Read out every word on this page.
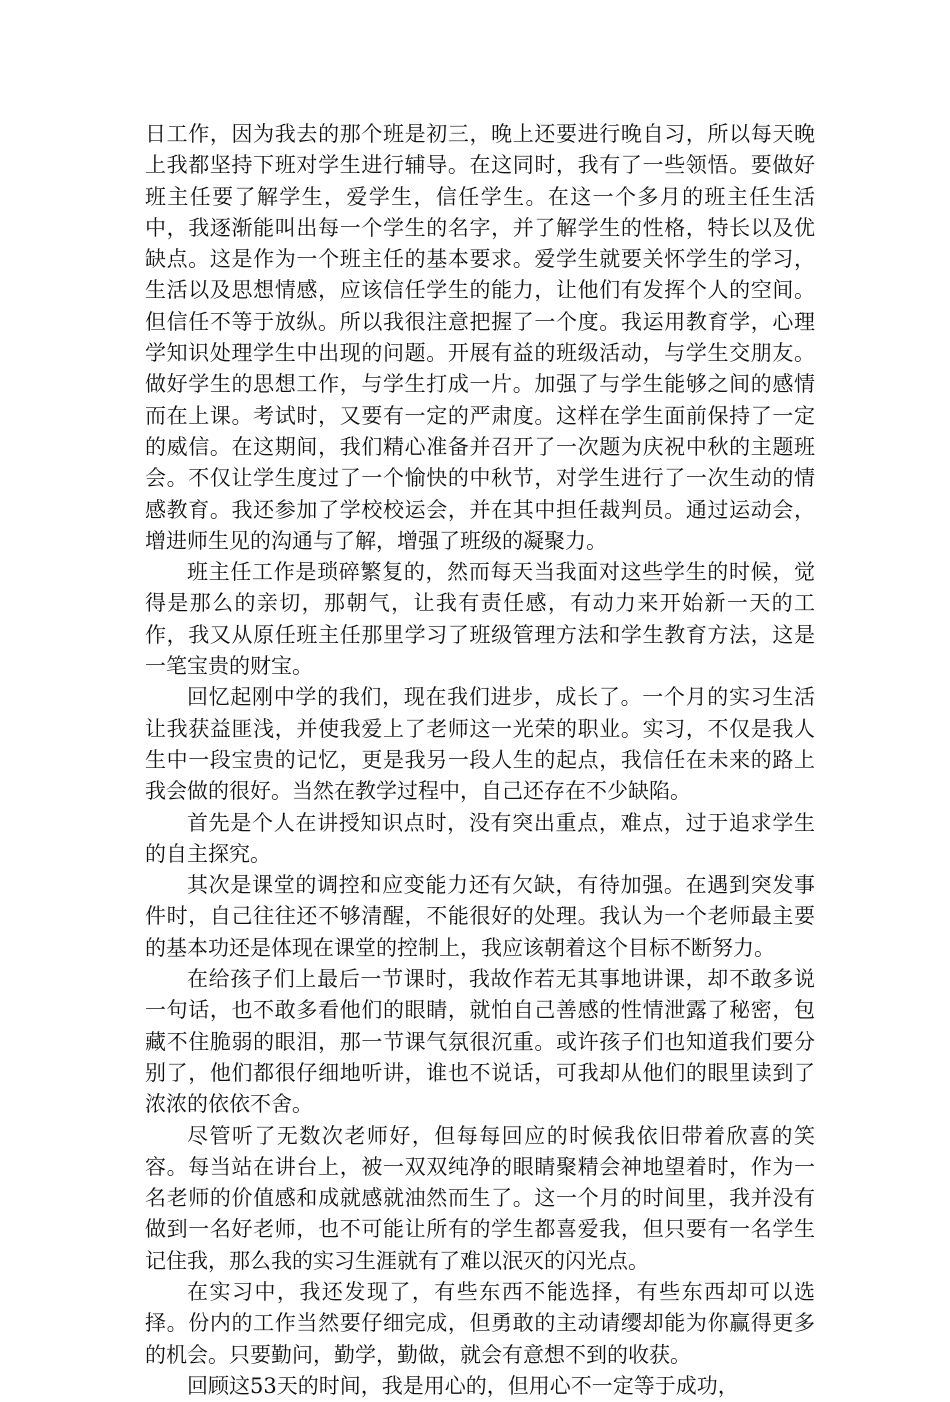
日工作，因为我去的那个班是初三，晚上还要进行晚自习，所以每天晚上我都坚持下班对学生进行辅导。在这同时，我有了一些领悟。要做好班主任要了解学生，爱学生，信任学生。在这一个多月的班主任生活中，我逐渐能叫出每一个学生的名字，并了解学生的性格，特长以及优缺点。这是作为一个班主任的基本要求。爱学生就要关怀学生的学习，生活以及思想情感，应该信任学生的能力，让他们有发挥个人的空间。但信任不等于放纵。所以我很注意把握了一个度。我运用教育学，心理学知识处理学生中出现的问题。开展有益的班级活动，与学生交朋友。做好学生的思想工作，与学生打成一片。加强了与学生能够之间的感情而在上课。考试时，又要有一定的严肃度。这样在学生面前保持了一定的威信。在这期间，我们精心准备并召开了一次题为庆祝中秋的主题班会。不仅让学生度过了一个愉快的中秋节，对学生进行了一次生动的情感教育。我还参加了学校校运会，并在其中担任裁判员。通过运动会，增进师生见的沟通与了解，增强了班级的凝聚力。

班主任工作是琐碎繁复的，然而每天当我面对这些学生的时候，觉得是那么的亲切，那朝气，让我有责任感，有动力来开始新一天的工作，我又从原任班主任那里学习了班级管理方法和学生教育方法，这是一笔宝贵的财宝。

回忆起刚中学的我们，现在我们进步，成长了。一个月的实习生活让我获益匪浅，并使我爱上了老师这一光荣的职业。实习，不仅是我人生中一段宝贵的记忆，更是我另一段人生的起点，我信任在未来的路上我会做的很好。当然在教学过程中，自己还存在不少缺陷。

首先是个人在讲授知识点时，没有突出重点，难点，过于追求学生的自主探究。

其次是课堂的调控和应变能力还有欠缺，有待加强。在遇到突发事件时，自己往往还不够清醒，不能很好的处理。我认为一个老师最主要的基本功还是体现在课堂的控制上，我应该朝着这个目标不断努力。

在给孩子们上最后一节课时，我故作若无其事地讲课，却不敢多说一句话，也不敢多看他们的眼睛，就怕自己善感的性情泄露了秘密，包藏不住脆弱的眼泪，那一节课气氛很沉重。或许孩子们也知道我们要分别了，他们都很仔细地听讲，谁也不说话，可我却从他们的眼里读到了浓浓的依依不舍。

尽管听了无数次老师好，但每每回应的时候我依旧带着欣喜的笑容。每当站在讲台上，被一双双纯净的眼睛聚精会神地望着时，作为一名老师的价值感和成就感就油然而生了。这一个月的时间里，我并没有做到一名好老师，也不可能让所有的学生都喜爱我，但只要有一名学生记住我，那么我的实习生涯就有了难以泯灭的闪光点。

在实习中，我还发现了，有些东西不能选择，有些东西却可以选择。份内的工作当然要仔细完成，但勇敢的主动请缨却能为你赢得更多的机会。只要勤问，勤学，勤做，就会有意想不到的收获。

回顾这53天的时间，我是用心的，但用心不一定等于成功，
